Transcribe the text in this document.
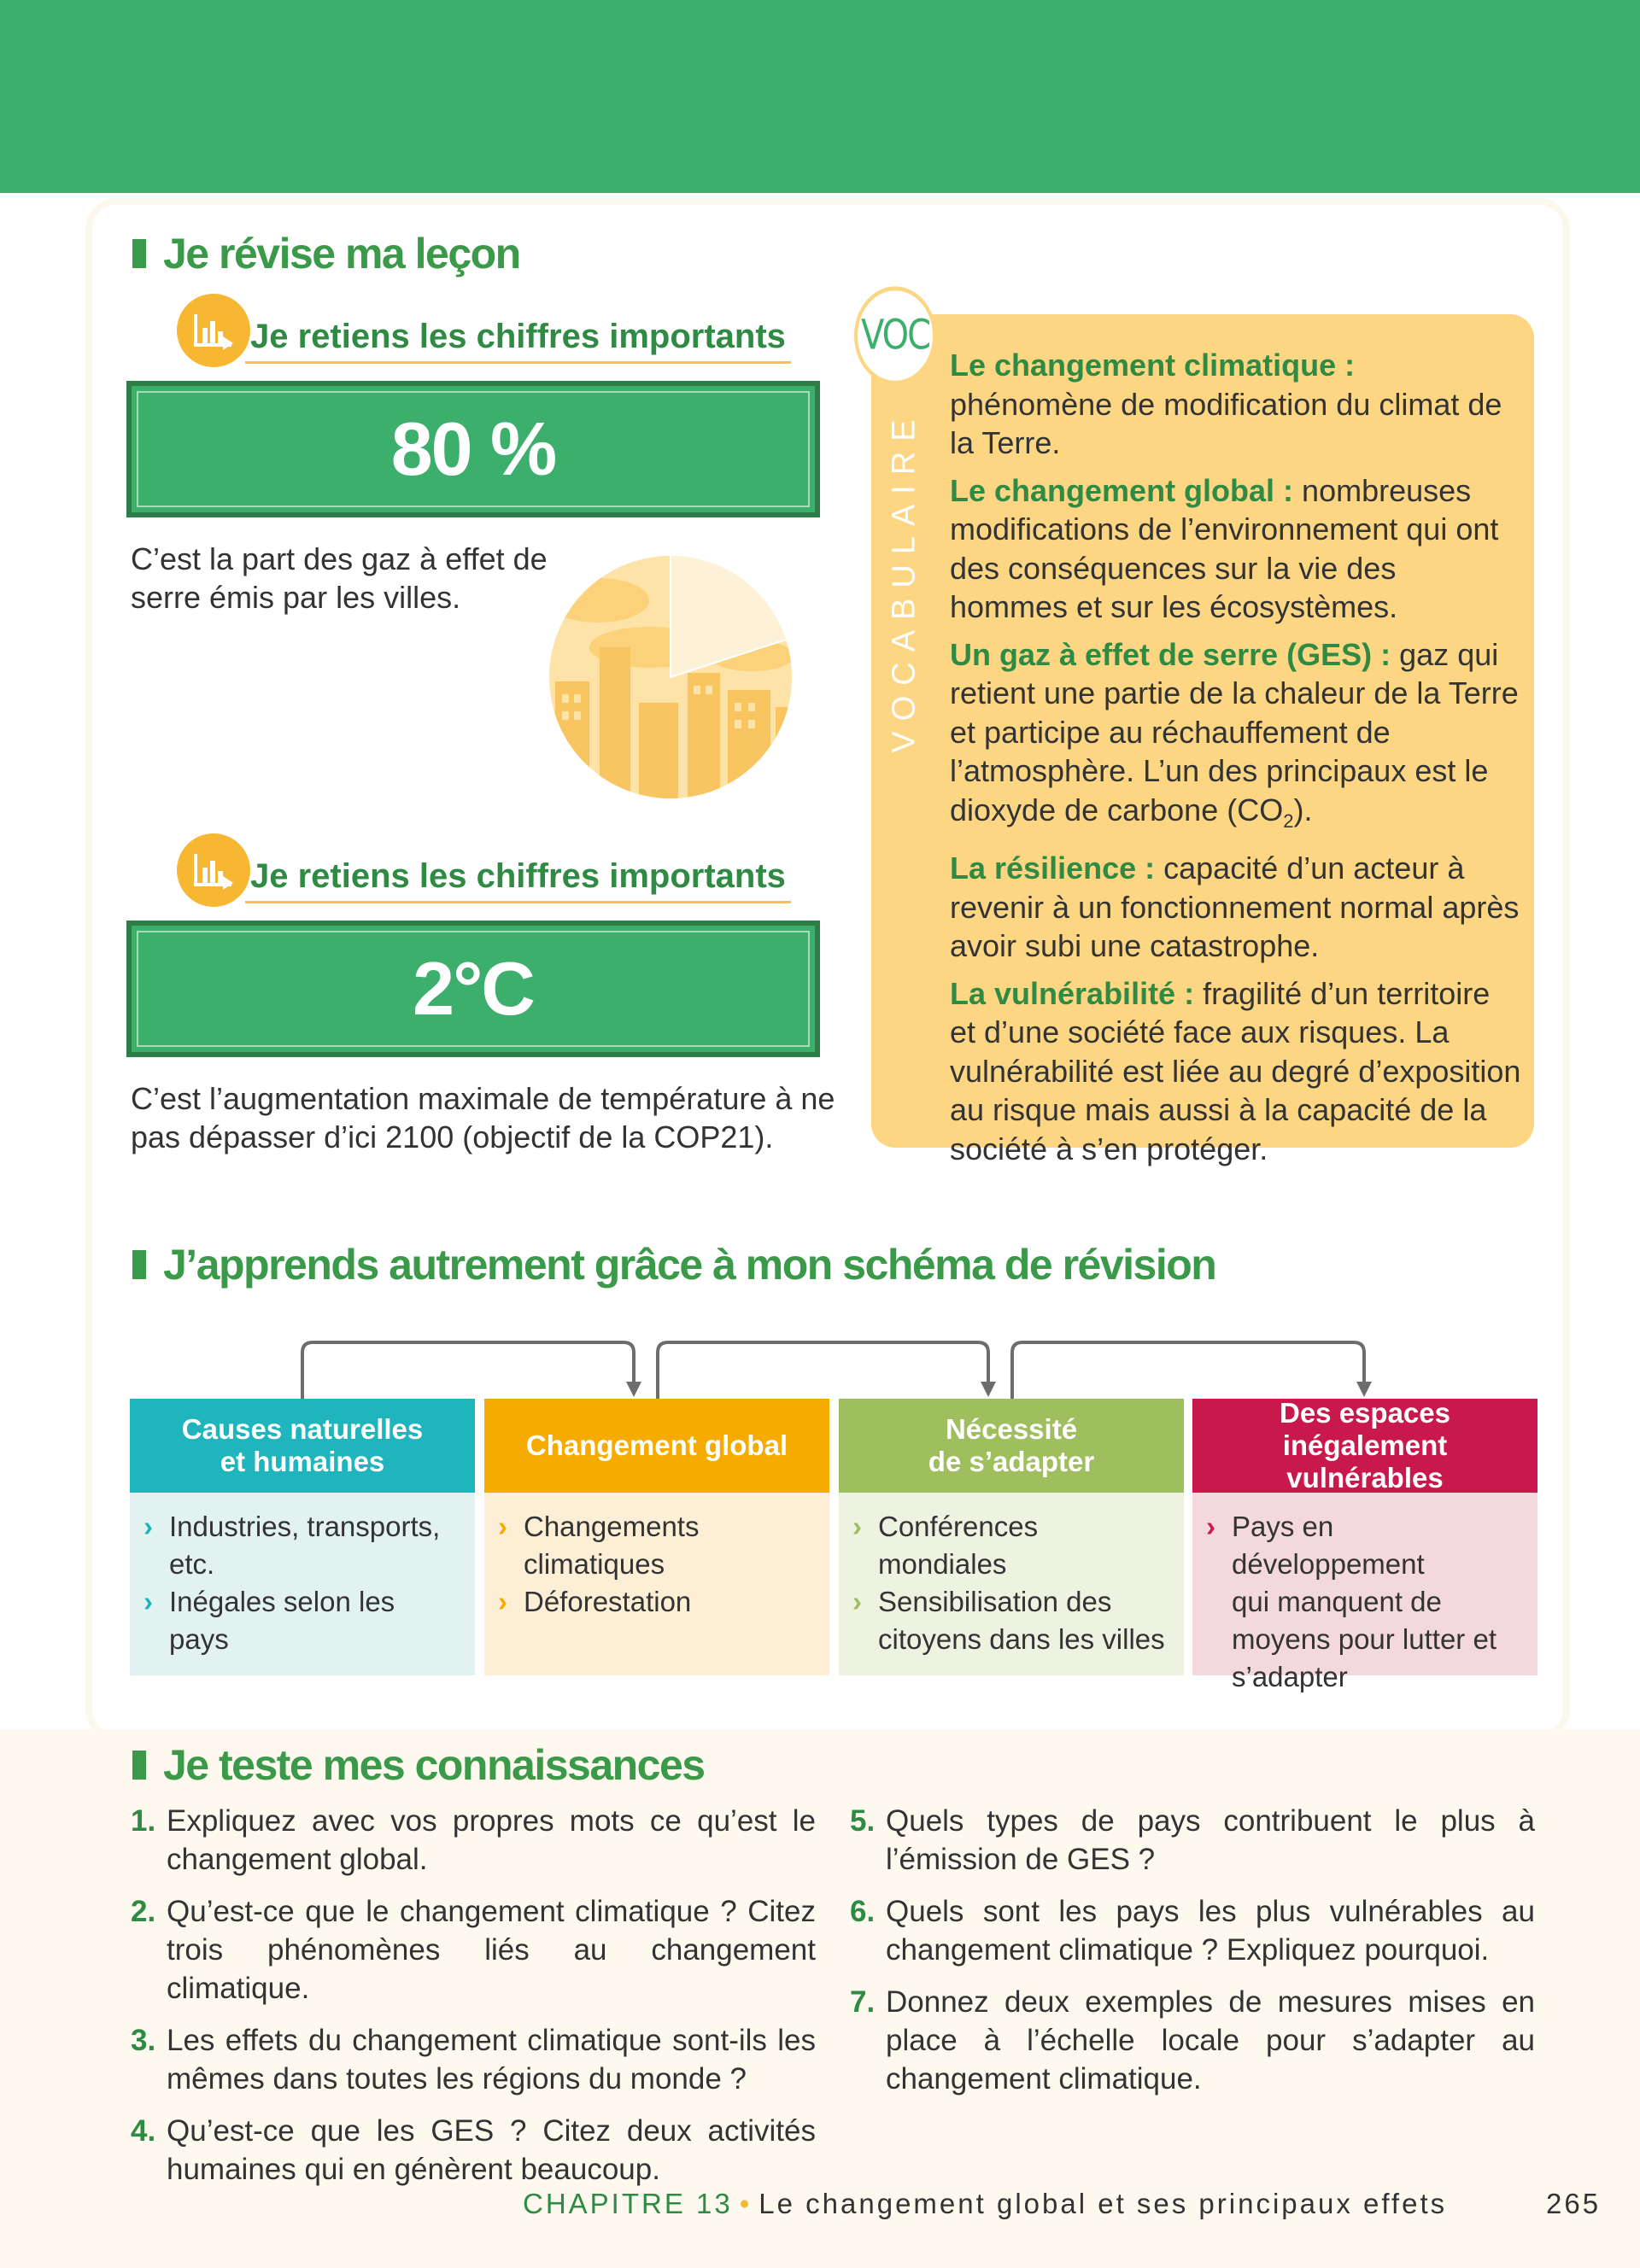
Je révise ma leçon
Je retiens les chiffres importants
80 %
C’est la part des gaz à effet de
serre émis par les villes.
Je retiens les chiffres importants
2°C
C’est l’augmentation maximale de température à ne
pas dépasser d’ici 2100 (objectif de la COP21).
VOC
VOCABULAIRE
Le changement climatique : phénomène de modification du climat de la Terre.
Le changement global : nombreuses modifications de l’environnement qui ont des conséquences sur la vie des hommes et sur les écosystèmes.
Un gaz à effet de serre (GES) : gaz qui retient une partie de la chaleur de la Terre et participe au réchauffement de l’atmosphère. L’un des principaux est le dioxyde de carbone $(CO_2)$.
La résilience : capacité d’un acteur à revenir à un fonctionnement normal après avoir subi une catastrophe.
La vulnérabilité : fragilité d’un territoire et d’une société face aux risques. La vulnérabilité est liée au degré d’exposition au risque mais aussi à la capacité de la société à s’en protéger.
J’apprends autrement grâce à mon schéma de révision
Causes naturelles
et humaines
› Industries, transports,
etc.
› Inégales selon les pays
Changement global
› Changements
climatiques
› Déforestation
Nécessité
de s’adapter
› Conférences mondiales
› Sensibilisation des
citoyens dans les villes
Des espaces
inégalement vulnérables
› Pays en développement
qui manquent de
moyens pour lutter et
s’adapter
Je teste mes connaissances
1. Expliquez avec vos propres mots ce qu’est le changement global.
2. Qu’est-ce que le changement climatique ? Citez trois phénomènes liés au changement climatique.
3. Les effets du changement climatique sont-ils les mêmes dans toutes les régions du monde ?
4. Qu’est-ce que les GES ? Citez deux activités humaines qui en génèrent beaucoup.
5. Quels types de pays contribuent le plus à l’émission de GES ?
6. Quels sont les pays les plus vulnérables au changement climatique ? Expliquez pourquoi.
7. Donnez deux exemples de mesures mises en place à l’échelle locale pour s’adapter au changement climatique.
CHAPITRE 13 • Le changement global et ses principaux effets	265
